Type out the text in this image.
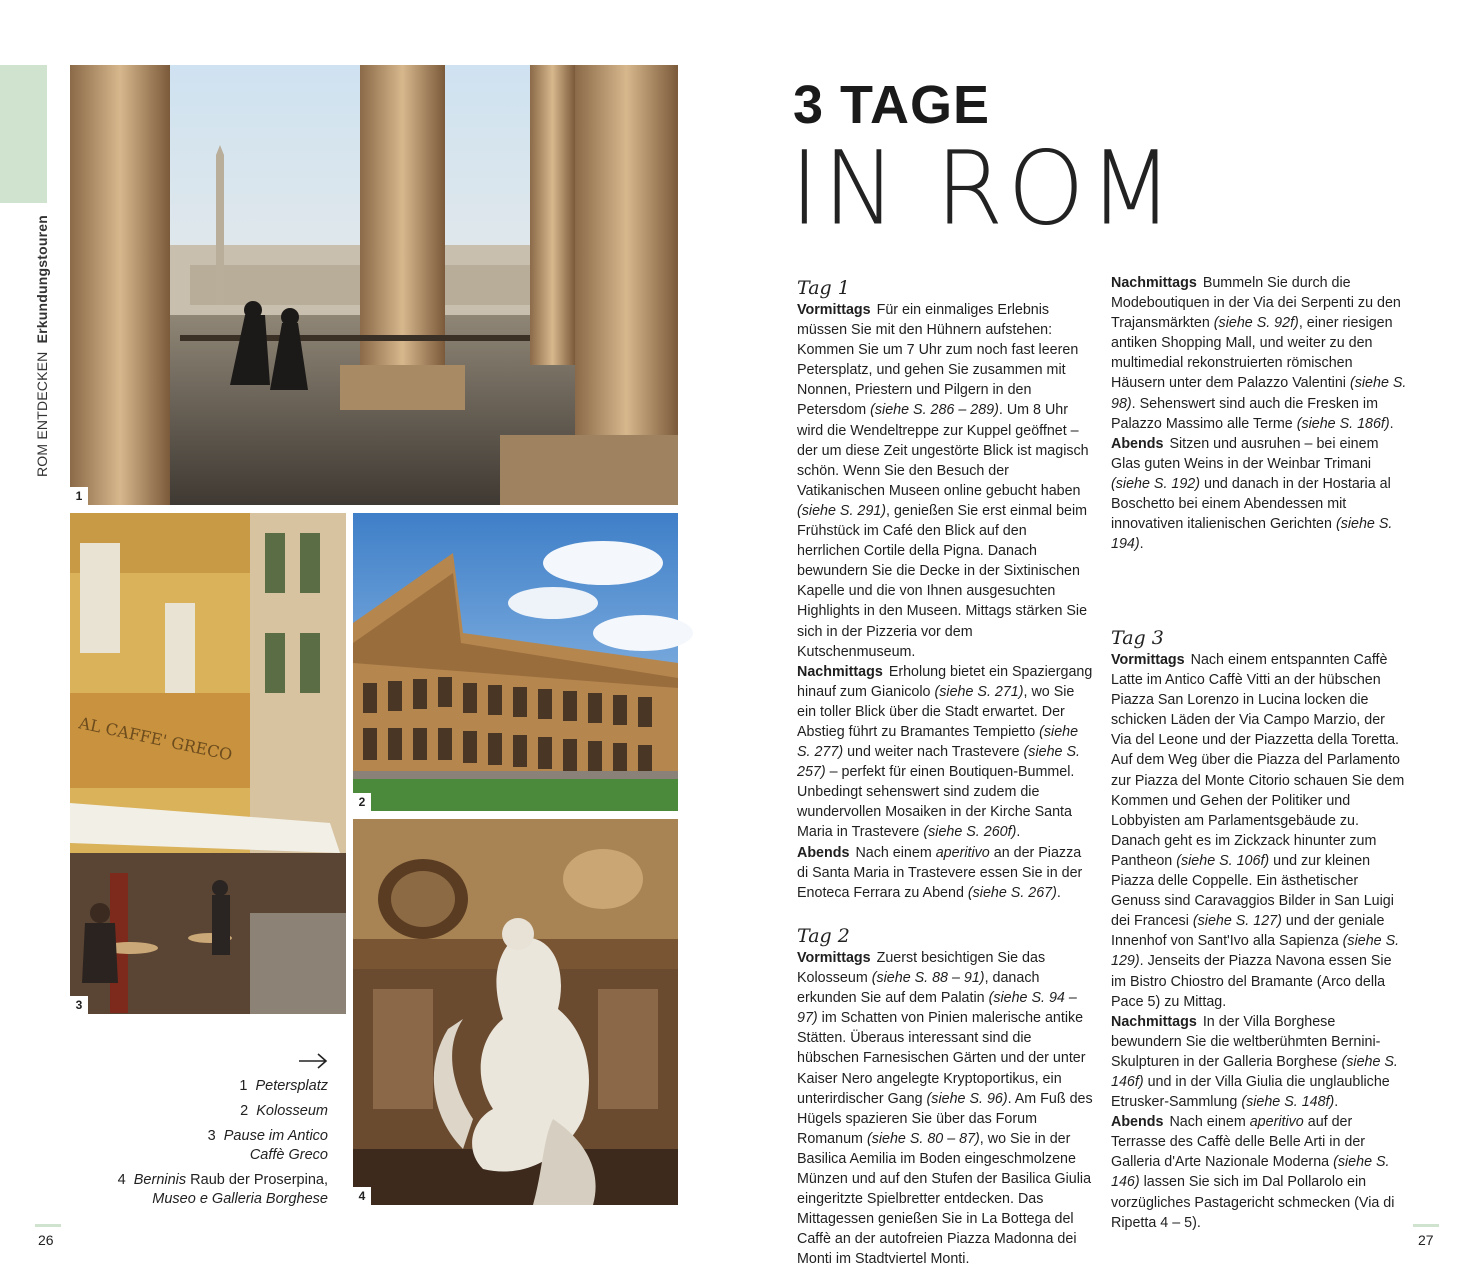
ROM ENTDECKEN Erkundungstouren
1
AL CAFFE' GRECO
3
2
4
1 Petersplatz
2 Kolosseum
3 Pause im Antico Caffè Greco
4 Berninis Raub der Proserpina, Museo e Galleria Borghese
26
3 TAGE
IN ROM
Tag 1

Vormittags Für ein einmaliges Erlebnis müssen Sie mit den Hühnern aufstehen: Kommen Sie um 7 Uhr zum noch fast leeren Petersplatz, und gehen Sie zusammen mit Nonnen, Priestern und Pilgern in den Petersdom (siehe S. 286 – 289). Um 8 Uhr wird die Wendeltreppe zur Kuppel geöffnet – der um diese Zeit ungestörte Blick ist magisch schön. Wenn Sie den Besuch der Vatikanischen Museen online gebucht haben (siehe S. 291), genießen Sie erst einmal beim Frühstück im Café den Blick auf den herrlichen Cortile della Pigna. Danach bewundern Sie die Decke in der Sixtinischen Kapelle und die von Ihnen ausgesuchten Highlights in den Museen. Mittags stärken Sie sich in der Pizzeria vor dem Kutschenmuseum.

Nachmittags Erholung bietet ein Spaziergang hinauf zum Gianicolo (siehe S. 271), wo Sie ein toller Blick über die Stadt erwartet. Der Abstieg führt zu Bramantes Tempietto (siehe S. 277) und weiter nach Trastevere (siehe S. 257) – perfekt für einen Boutiquen-Bummel. Unbedingt sehenswert sind zudem die wundervollen Mosaiken in der Kirche Santa Maria in Trastevere (siehe S. 260f).

Abends Nach einem aperitivo an der Piazza di Santa Maria in Trastevere essen Sie in der Enoteca Ferrara zu Abend (siehe S. 267).

Tag 2

Vormittags Zuerst besichtigen Sie das Kolosseum (siehe S. 88 – 91), danach erkunden Sie auf dem Palatin (siehe S. 94 – 97) im Schatten von Pinien malerische antike Stätten. Überaus interessant sind die hübschen Farnesischen Gärten und der unter Kaiser Nero angelegte Kryptoportikus, ein unterirdischer Gang (siehe S. 96). Am Fuß des Hügels spazieren Sie über das Forum Romanum (siehe S. 80 – 87), wo Sie in der Basilica Aemilia im Boden eingeschmolzene Münzen und auf den Stufen der Basilica Giulia eingeritzte Spielbretter entdecken. Das Mittagessen genießen Sie in La Bottega del Caffè an der autofreien Piazza Madonna dei Monti im Stadtviertel Monti.

Nachmittags Bummeln Sie durch die Modeboutiquen in der Via dei Serpenti zu den Trajansmärkten (siehe S. 92f), einer riesigen antiken Shopping Mall, und weiter zu den multimedial rekonstruierten römischen Häusern unter dem Palazzo Valentini (siehe S. 98). Sehenswert sind auch die Fresken im Palazzo Massimo alle Terme (siehe S. 186f).

Abends Sitzen und ausruhen – bei einem Glas guten Weins in der Weinbar Trimani (siehe S. 192) und danach in der Hostaria al Boschetto bei einem Abendessen mit innovativen italienischen Gerichten (siehe S. 194).

Tag 3

Vormittags Nach einem entspannten Caffè Latte im Antico Caffè Vitti an der hübschen Piazza San Lorenzo in Lucina locken die schicken Läden der Via Campo Marzio, der Via del Leone und der Piazzetta della Toretta. Auf dem Weg über die Piazza del Parlamento zur Piazza del Monte Citorio schauen Sie dem Kommen und Gehen der Politiker und Lobbyisten am Parlamentsgebäude zu. Danach geht es im Zickzack hinunter zum Pantheon (siehe S. 106f) und zur kleinen Piazza delle Coppelle. Ein ästhetischer Genuss sind Caravaggios Bilder in San Luigi dei Francesi (siehe S. 127) und der geniale Innenhof von Sant'Ivo alla Sapienza (siehe S. 129). Jenseits der Piazza Navona essen Sie im Bistro Chiostro del Bramante (Arco della Pace 5) zu Mittag.

Nachmittags In der Villa Borghese bewundern Sie die weltberühmten Bernini-Skulpturen in der Galleria Borghese (siehe S. 146f) und in der Villa Giulia die unglaubliche Etrusker-Sammlung (siehe S. 148f).

Abends Nach einem aperitivo auf der Terrasse des Caffè delle Belle Arti in der Galleria d'Arte Nazionale Moderna (siehe S. 146) lassen Sie sich im Dal Pollarolo ein vorzügliches Pastagericht schmecken (Via di Ripetta 4 – 5).

27
